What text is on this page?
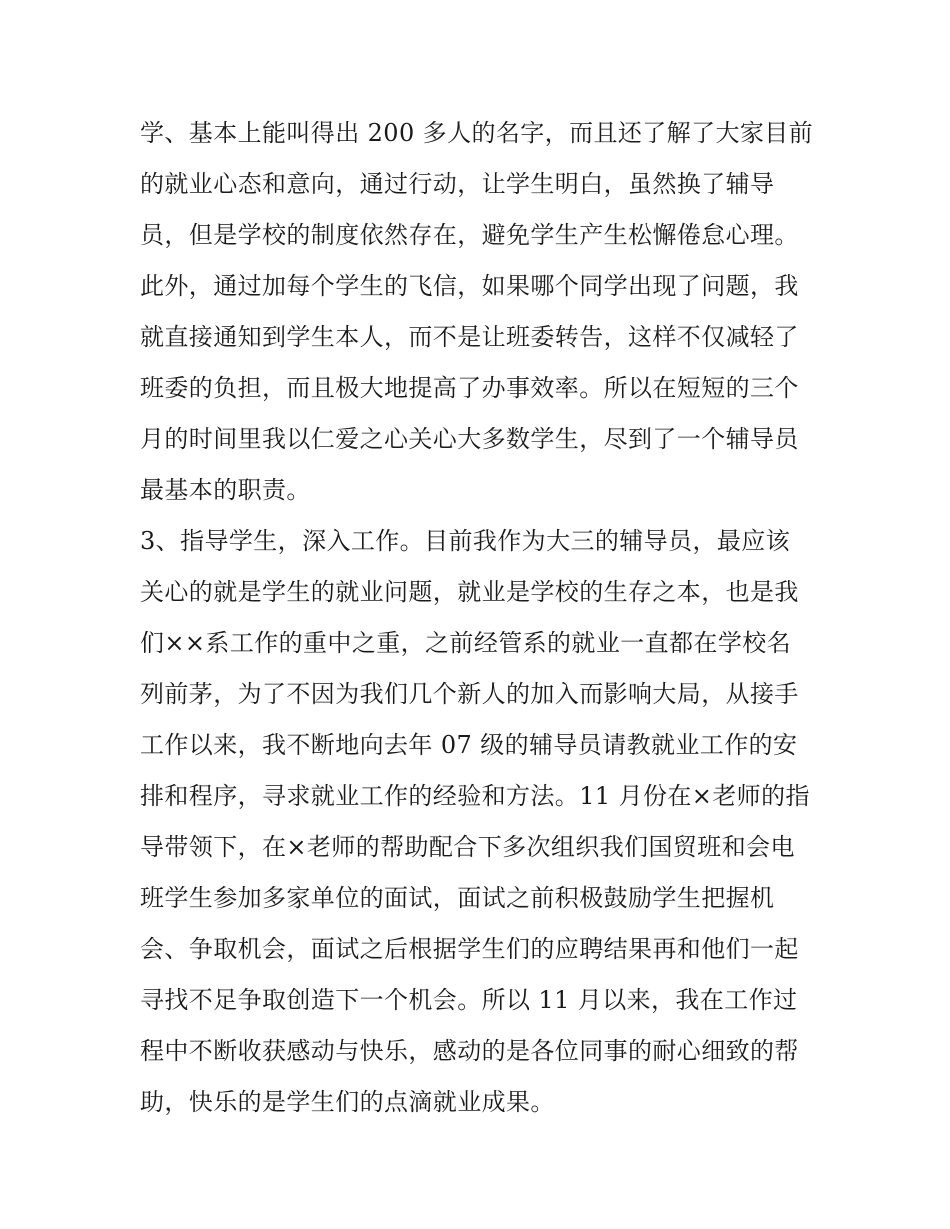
学、基本上能叫得出 200 多人的名字，而且还了解了大家目前
的就业心态和意向，通过行动，让学生明白，虽然换了辅导
员，但是学校的制度依然存在，避免学生产生松懈倦怠心理。
此外，通过加每个学生的飞信，如果哪个同学出现了问题，我
就直接通知到学生本人，而不是让班委转告，这样不仅减轻了
班委的负担，而且极大地提高了办事效率。所以在短短的三个
月的时间里我以仁爱之心关心大多数学生，尽到了一个辅导员
最基本的职责。
3、指导学生，深入工作。目前我作为大三的辅导员，最应该
关心的就是学生的就业问题，就业是学校的生存之本，也是我
们××系工作的重中之重，之前经管系的就业一直都在学校名
列前茅，为了不因为我们几个新人的加入而影响大局，从接手
工作以来，我不断地向去年 07 级的辅导员请教就业工作的安
排和程序，寻求就业工作的经验和方法。11 月份在×老师的指
导带领下，在×老师的帮助配合下多次组织我们国贸班和会电
班学生参加多家单位的面试，面试之前积极鼓励学生把握机
会、争取机会，面试之后根据学生们的应聘结果再和他们一起
寻找不足争取创造下一个机会。所以 11 月以来，我在工作过
程中不断收获感动与快乐，感动的是各位同事的耐心细致的帮
助，快乐的是学生们的点滴就业成果。
